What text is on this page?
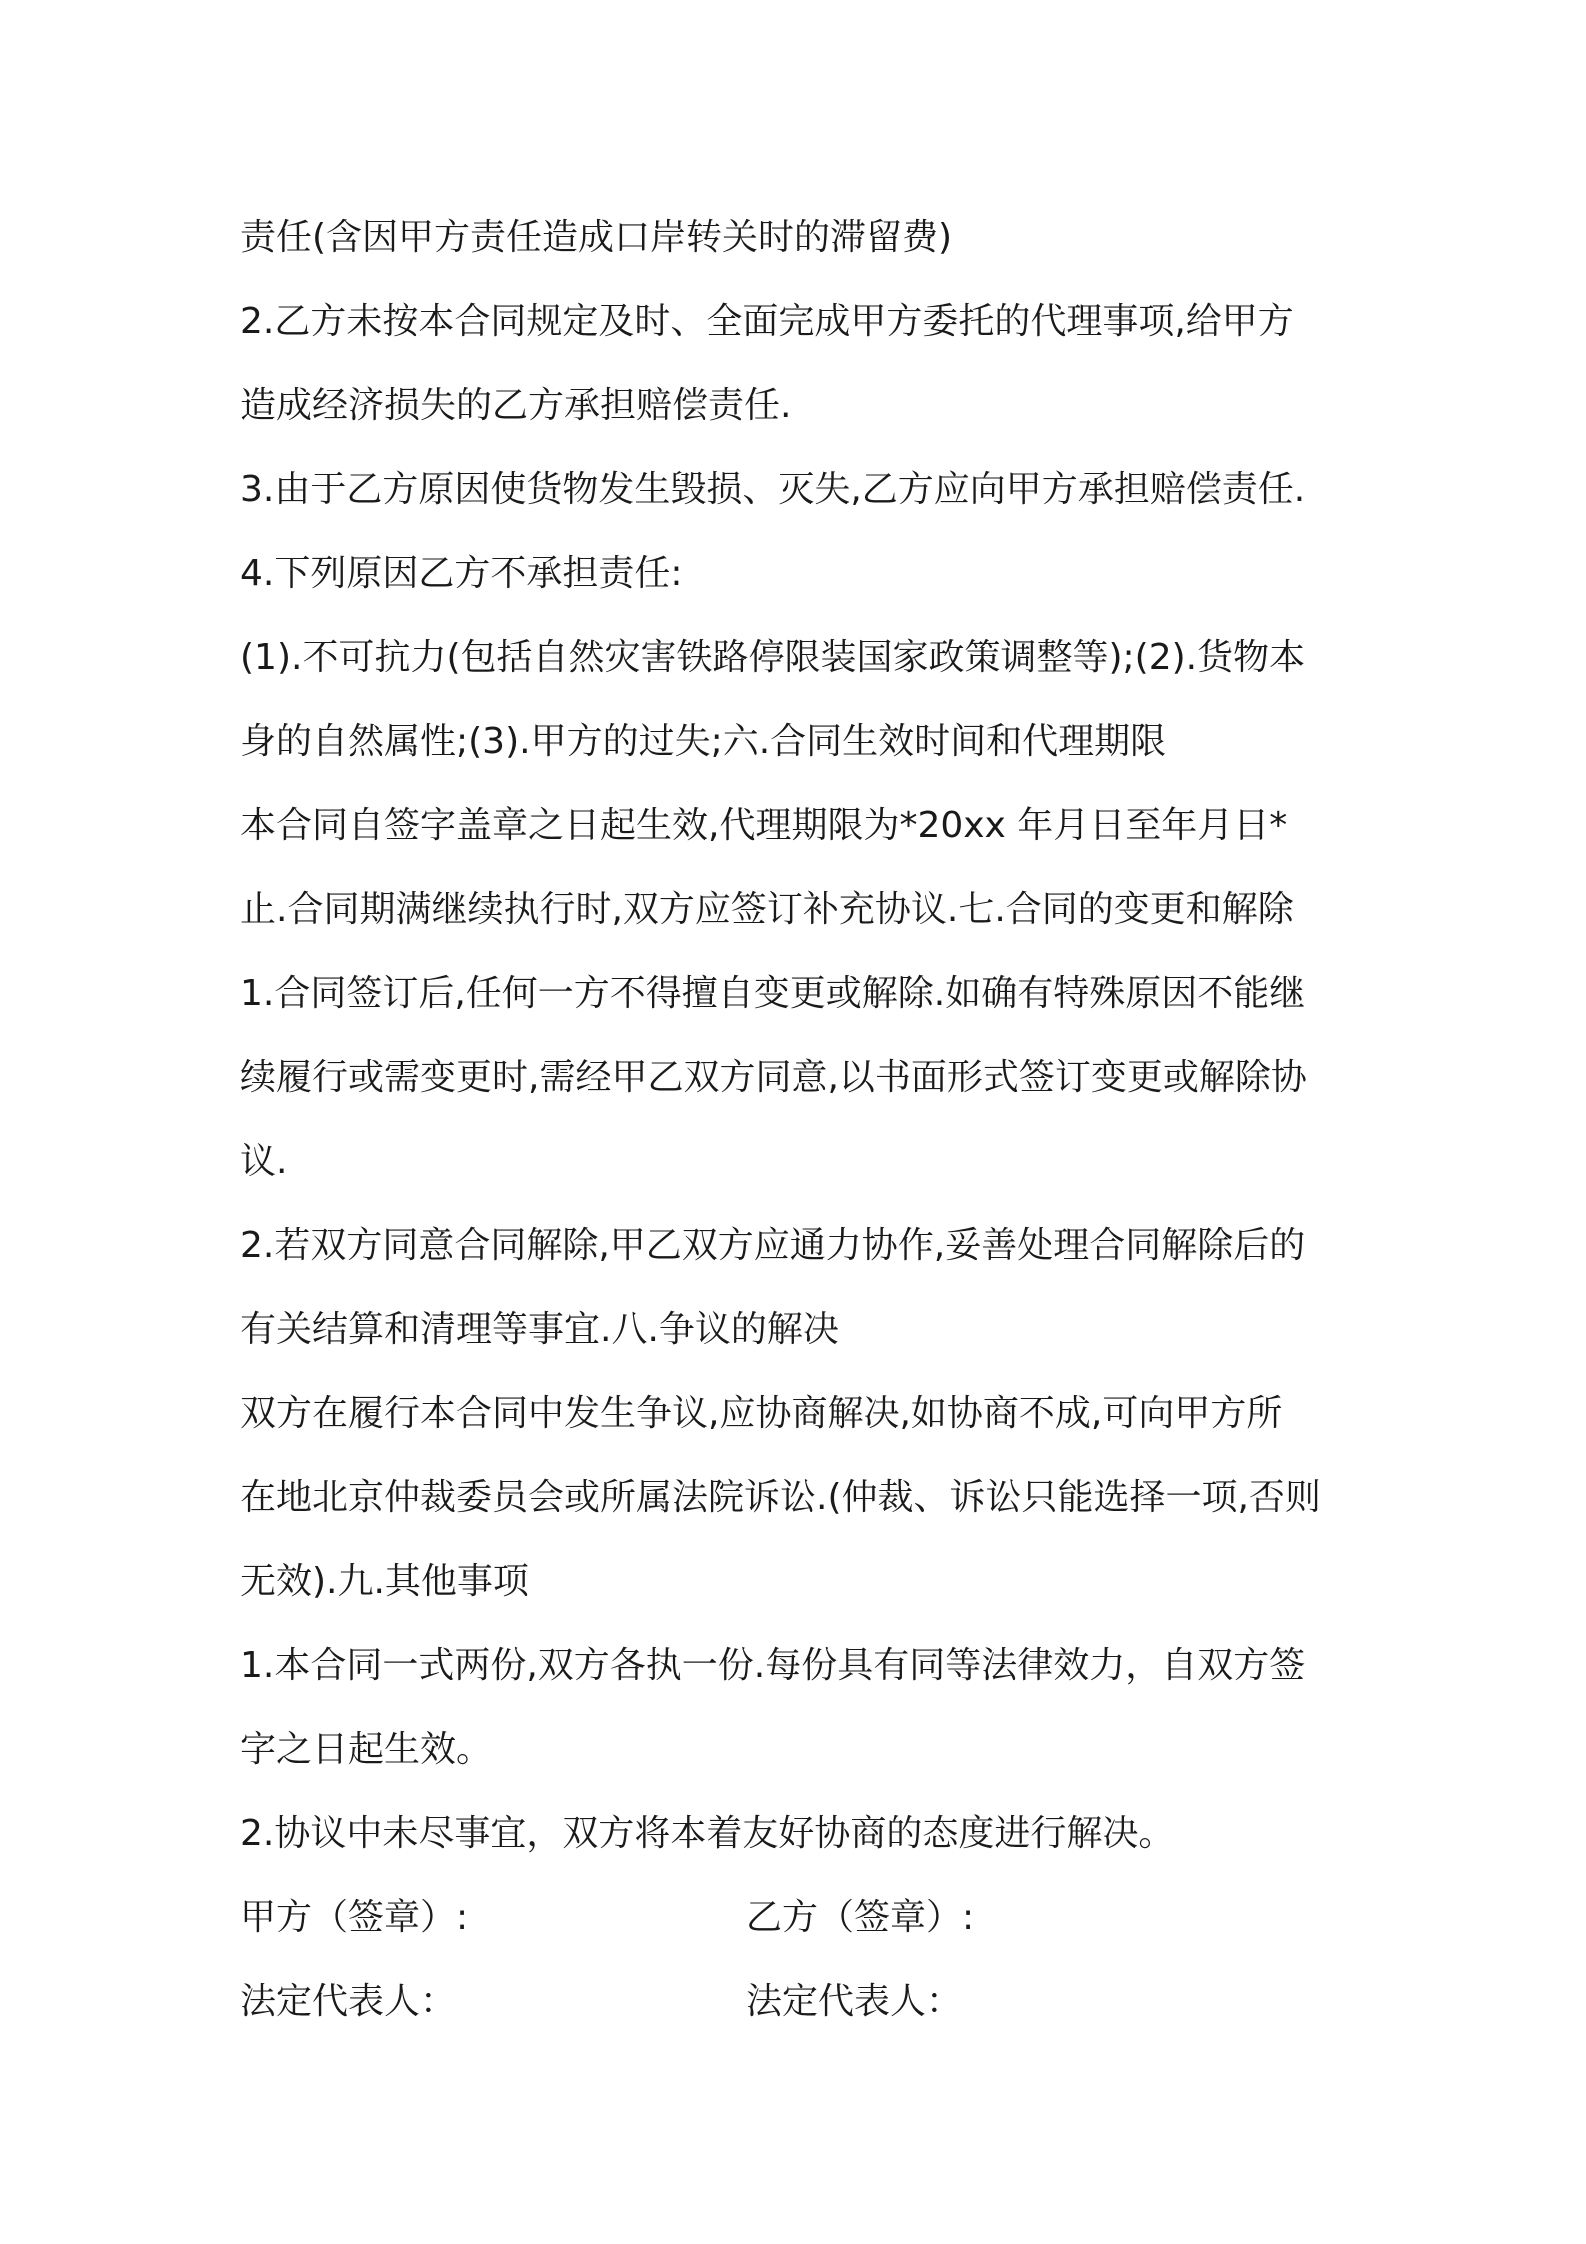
责任(含因甲方责任造成口岸转关时的滞留费)
2.乙方未按本合同规定及时、全面完成甲方委托的代理事项,给甲方
造成经济损失的乙方承担赔偿责任.
3.由于乙方原因使货物发生毁损、灭失,乙方应向甲方承担赔偿责任.
4.下列原因乙方不承担责任:
(1).不可抗力(包括自然灾害铁路停限装国家政策调整等);(2).货物本
身的自然属性;(3).甲方的过失;六.合同生效时间和代理期限
本合同自签字盖章之日起生效,代理期限为*20xx 年月日至年月日*
止.合同期满继续执行时,双方应签订补充协议.七.合同的变更和解除
1.合同签订后,任何一方不得擅自变更或解除.如确有特殊原因不能继
续履行或需变更时,需经甲乙双方同意,以书面形式签订变更或解除协
议.
2.若双方同意合同解除,甲乙双方应通力协作,妥善处理合同解除后的
有关结算和清理等事宜.八.争议的解决
双方在履行本合同中发生争议,应协商解决,如协商不成,可向甲方所
在地北京仲裁委员会或所属法院诉讼.(仲裁、诉讼只能选择一项,否则
无效).九.其他事项
1.本合同一式两份,双方各执一份.每份具有同等法律效力，自双方签
字之日起生效。
2.协议中未尽事宜，双方将本着友好协商的态度进行解决。
甲方（签章）:	乙方（签章）:
法定代表人：	法定代表人：
